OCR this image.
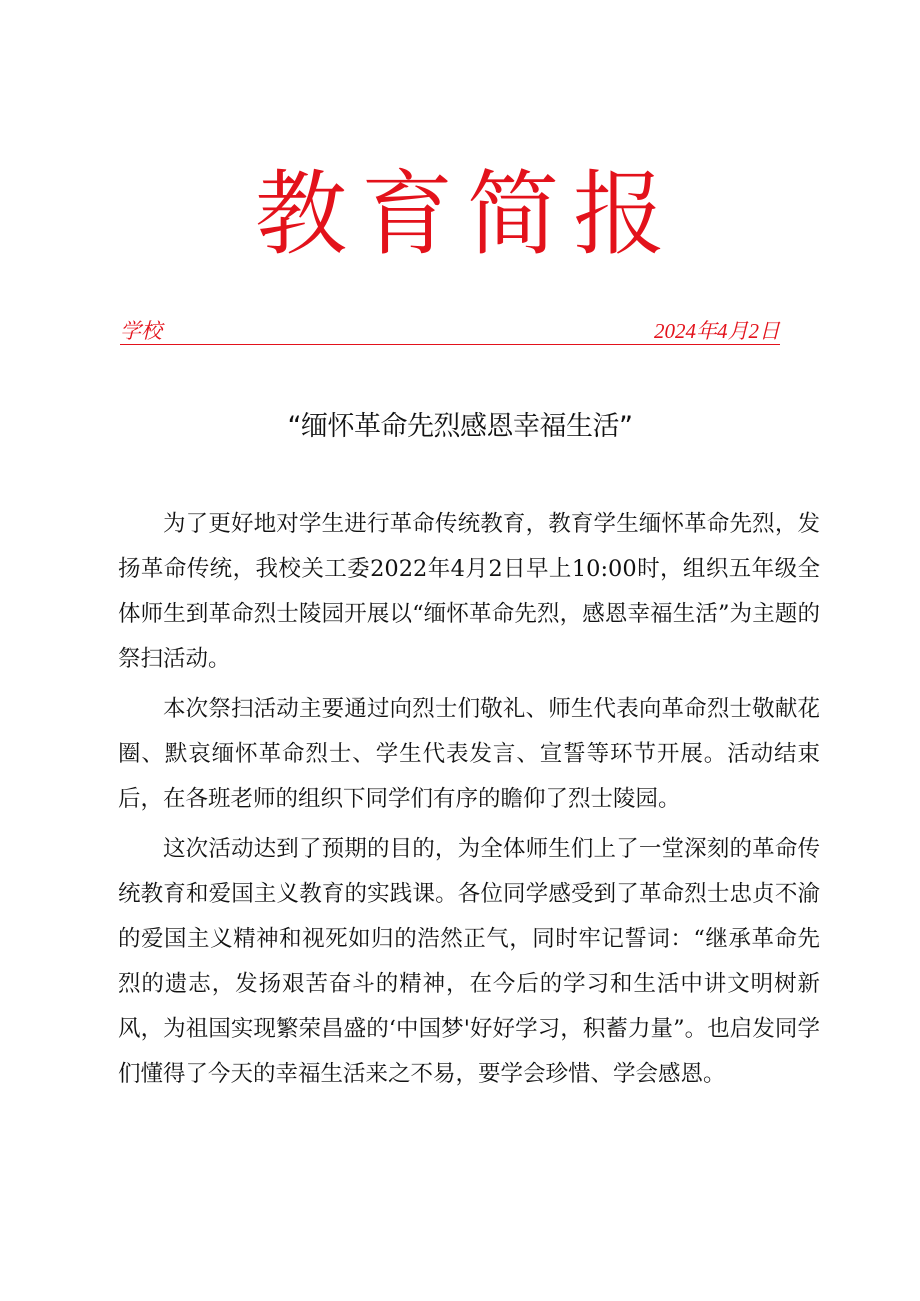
教育简报
学校	2024年4月2日
“缅怀革命先烈感恩幸福生活”

为了更好地对学生进行革命传统教育，教育学生缅怀革命先烈，发扬革命传统，我校关工委2022年4月2日早上10:00时，组织五年级全体师生到革命烈士陵园开展以“缅怀革命先烈，感恩幸福生活”为主题的祭扫活动。

本次祭扫活动主要通过向烈士们敬礼、师生代表向革命烈士敬献花圈、默哀缅怀革命烈士、学生代表发言、宣誓等环节开展。活动结束后，在各班老师的组织下同学们有序的瞻仰了烈士陵园。

这次活动达到了预期的目的，为全体师生们上了一堂深刻的革命传统教育和爱国主义教育的实践课。各位同学感受到了革命烈士忠贞不渝的爱国主义精神和视死如归的浩然正气，同时牢记誓词：“继承革命先烈的遗志，发扬艰苦奋斗的精神，在今后的学习和生活中讲文明树新风，为祖国实现繁荣昌盛的‘中国梦'好好学习，积蓄力量”。也启发同学们懂得了今天的幸福生活来之不易，要学会珍惜、学会感恩。
